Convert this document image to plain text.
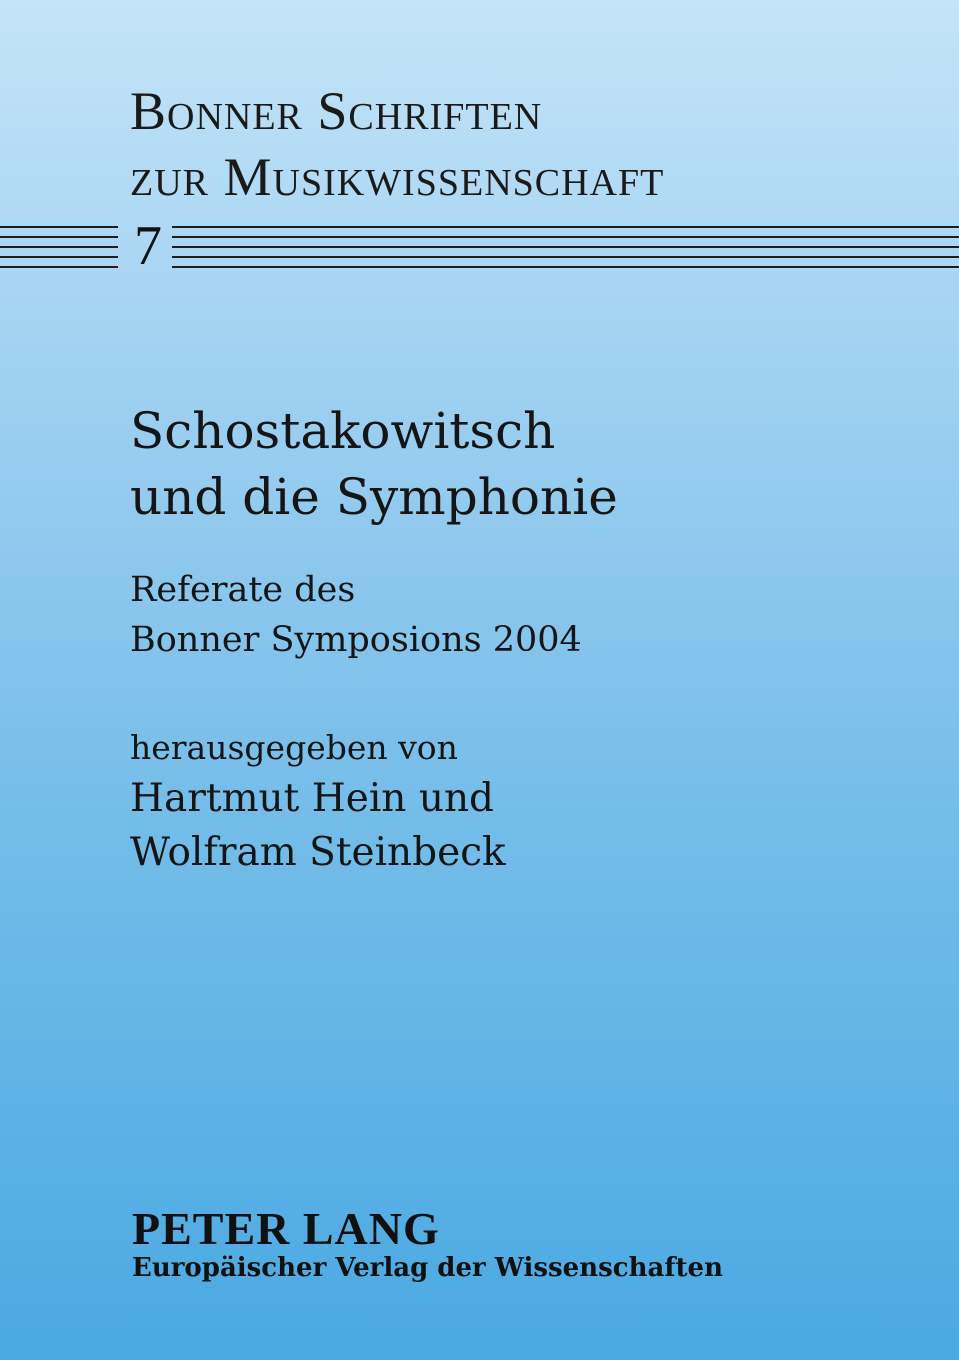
Bonner Schriften
zur Musikwissenschaft
7
Schostakowitsch
und die Symphonie
Referate des
Bonner Symposions 2004
herausgegeben von
Hartmut Hein und
Wolfram Steinbeck
PETER LANG
Europäischer Verlag der Wissenschaften
